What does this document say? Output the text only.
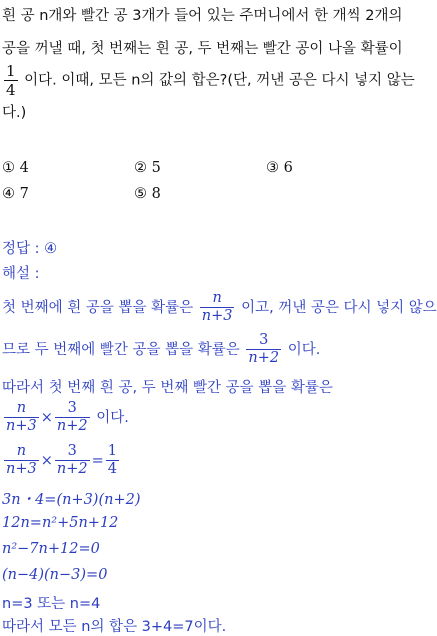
흰 공 n개와 빨간 공 3개가 들어 있는 주머니에서 한 개씩 2개의
공을 꺼낼 때, 첫 번째는 흰 공, 두 번째는 빨간 공이 나올 확률이
$\frac{1}{4}$ 이다. 이때, 모든 n의 값의 합은?(단, 꺼낸 공은 다시 넣지 않는
다.)
① 4	② 5	③ 6
④ 7	⑤ 8
정답 : ④
해설 :
첫 번째에 흰 공을 뽑을 확률은 $\frac{n}{n+3}$ 이고, 꺼낸 공은 다시 넣지 않으
므로 두 번째에 빨간 공을 뽑을 확률은 $\frac{3}{n+2}$ 이다.
따라서 첫 번째 흰 공, 두 번째 빨간 공을 뽑을 확률은
$\frac{n}{n+3} \times \frac{3}{n+2}$ 이다.
$\frac{n}{n+3} \times \frac{3}{n+2} = \frac{1}{4}$
3n・4=(n+3)(n+2)
12n=n²+5n+12
n²−7n+12=0
(n−4)(n−3)=0
n=3 또는 n=4
따라서 모든 n의 합은 3+4=7이다.
